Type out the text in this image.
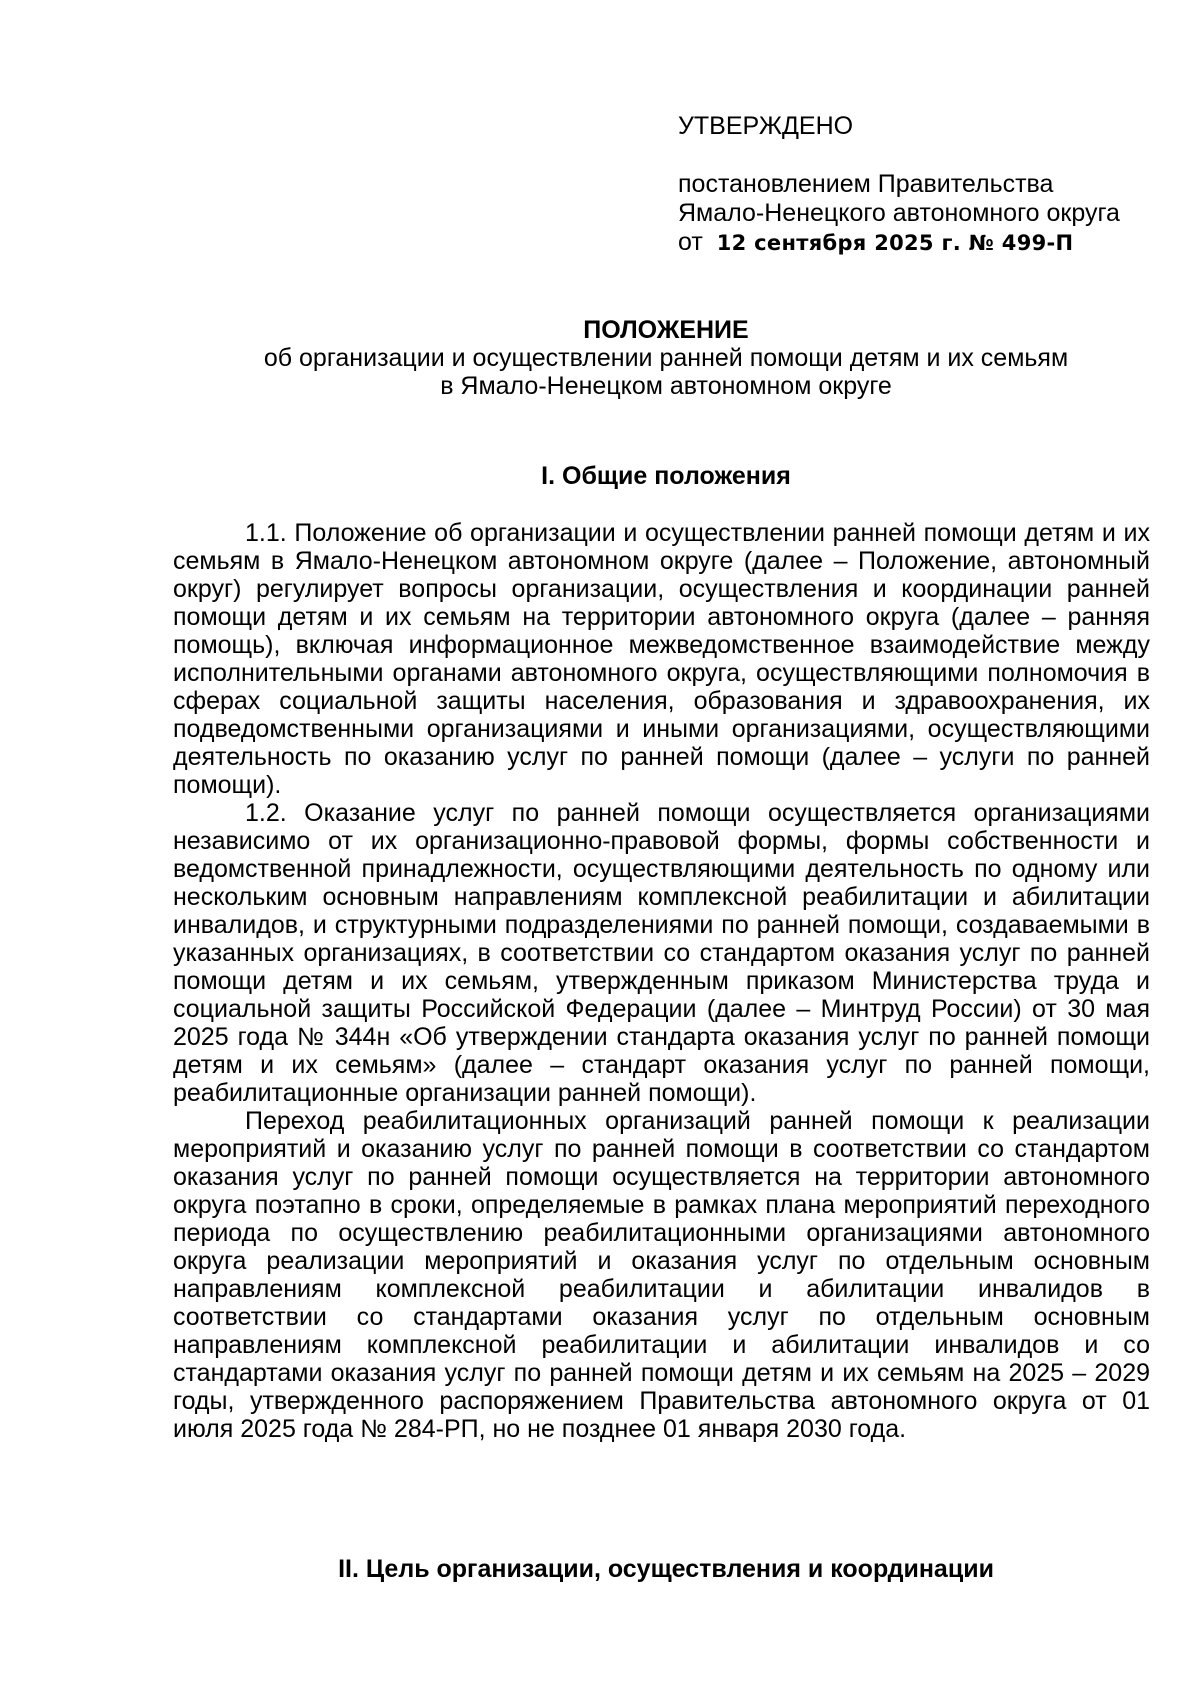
УТВЕРЖДЕНО
постановлением Правительства
Ямало-Ненецкого автономного округа
от 12 сентября 2025 г. № 499-П
ПОЛОЖЕНИЕ
об организации и осуществлении ранней помощи детям и их семьям
в Ямало-Ненецком автономном округе
I. Общие положения

1.1. Положение об организации и осуществлении ранней помощи детям и их семьям в Ямало-Ненецком автономном округе (далее – Положение, автономный округ) регулирует вопросы организации, осуществления и координации ранней помощи детям и их семьям на территории автономного округа (далее – ранняя помощь), включая информационное межведомственное взаимодействие между исполнительными органами автономного округа, осуществляющими полномочия в сферах социальной защиты населения, образования и здравоохранения, их подведомственными организациями и иными организациями, осуществляющими деятельность по оказанию услуг по ранней помощи (далее – услуги по ранней помощи).

1.2. Оказание услуг по ранней помощи осуществляется организациями независимо от их организационно-правовой формы, формы собственности и ведомственной принадлежности, осуществляющими деятельность по одному или нескольким основным направлениям комплексной реабилитации и абилитации инвалидов, и структурными подразделениями по ранней помощи, создаваемыми в указанных организациях, в соответствии со стандартом оказания услуг по ранней помощи детям и их семьям, утвержденным приказом Министерства труда и социальной защиты Российской Федерации (далее – Минтруд России) от 30 мая 2025 года № 344н «Об утверждении стандарта оказания услуг по ранней помощи детям и их семьям» (далее – стандарт оказания услуг по ранней помощи, реабилитационные организации ранней помощи).

Переход реабилитационных организаций ранней помощи к реализации мероприятий и оказанию услуг по ранней помощи в соответствии со стандартом оказания услуг по ранней помощи осуществляется на территории автономного округа поэтапно в сроки, определяемые в рамках плана мероприятий переходного периода по осуществлению реабилитационными организациями автономного округа реализации мероприятий и оказания услуг по отдельным основным направлениям комплексной реабилитации и абилитации инвалидов в соответствии со стандартами оказания услуг по отдельным основным направлениям комплексной реабилитации и абилитации инвалидов и со стандартами оказания услуг по ранней помощи детям и их семьям на 2025 – 2029 годы, утвержденного распоряжением Правительства автономного округа от 01 июля 2025 года № 284-РП, но не позднее 01 января 2030 года.

II. Цель организации, осуществления и координации
